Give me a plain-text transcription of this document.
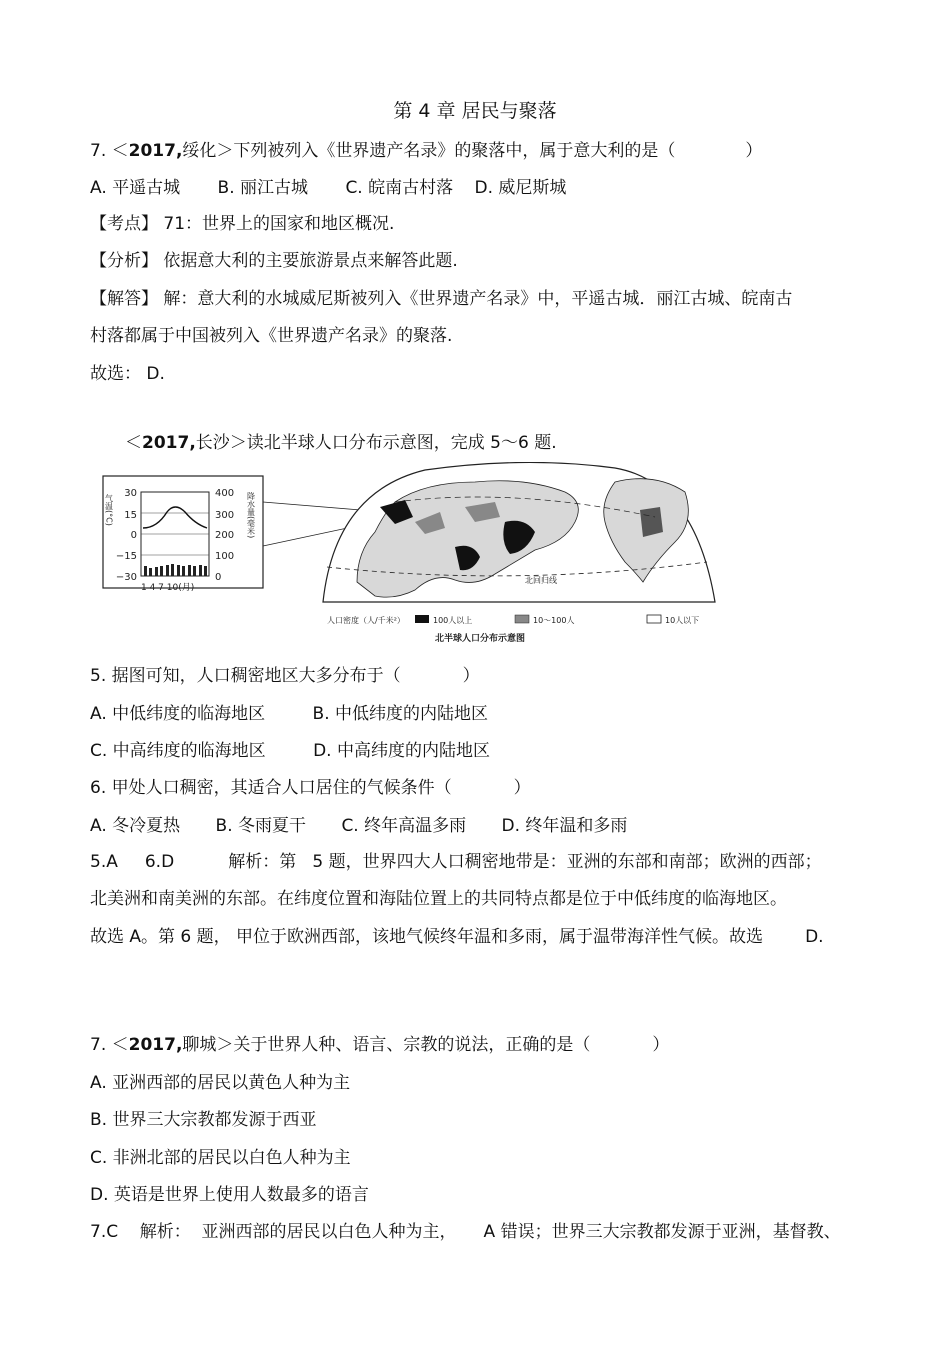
第 4 章 居民与聚落
7. ＜2017,绥化＞下列被列入《世界遗产名录》的聚落中，属于意大利的是（	）
A. 平遥古城 B. 丽江古城 C. 皖南古村落 D. 威尼斯城
【考点】 71：世界上的国家和地区概况.
【分析】 依据意大利的主要旅游景点来解答此题.
【解答】 解：意大利的水城威尼斯被列入《世界遗产名录》中，平遥古城．丽江古城、皖南古
村落都属于中国被列入《世界遗产名录》的聚落.
故选： D.
＜2017,长沙＞读北半球人口分布示意图，完成 5～6 题.
气温(°C)
30
15
0
−15
−30
400
300
200
100
0
降水量(毫米)
1 4 7 10(月)
北回归线
人口密度（人/千米²）	100人以上	10～100人	10人以下
北半球人口分布示意图
5. 据图可知，人口稠密地区大多分布于（	）
A. 中低纬度的临海地区	B. 中低纬度的内陆地区
C. 中高纬度的临海地区	D. 中高纬度的内陆地区
6. 甲处人口稠密，其适合人口居住的气候条件（	）
A. 冬冷夏热 B. 冬雨夏干 C. 终年高温多雨 D. 终年温和多雨
5.A     6.D          解析：第   5 题，世界四大人口稠密地带是：亚洲的东部和南部；欧洲的西部；
北美洲和南美洲的东部。在纬度位置和海陆位置上的共同特点都是位于中低纬度的临海地区。
故选 A。第 6 题， 甲位于欧洲西部，该地气候终年温和多雨，属于温带海洋性气候。故选 D.
7. ＜2017,聊城＞关于世界人种、语言、宗教的说法，正确的是（	）
A. 亚洲西部的居民以黄色人种为主
B. 世界三大宗教都发源于西亚
C. 非洲北部的居民以白色人种为主
D. 英语是世界上使用人数最多的语言
7.C    解析：  亚洲西部的居民以白色人种为主，     A 错误；世界三大宗教都发源于亚洲，基督教、
